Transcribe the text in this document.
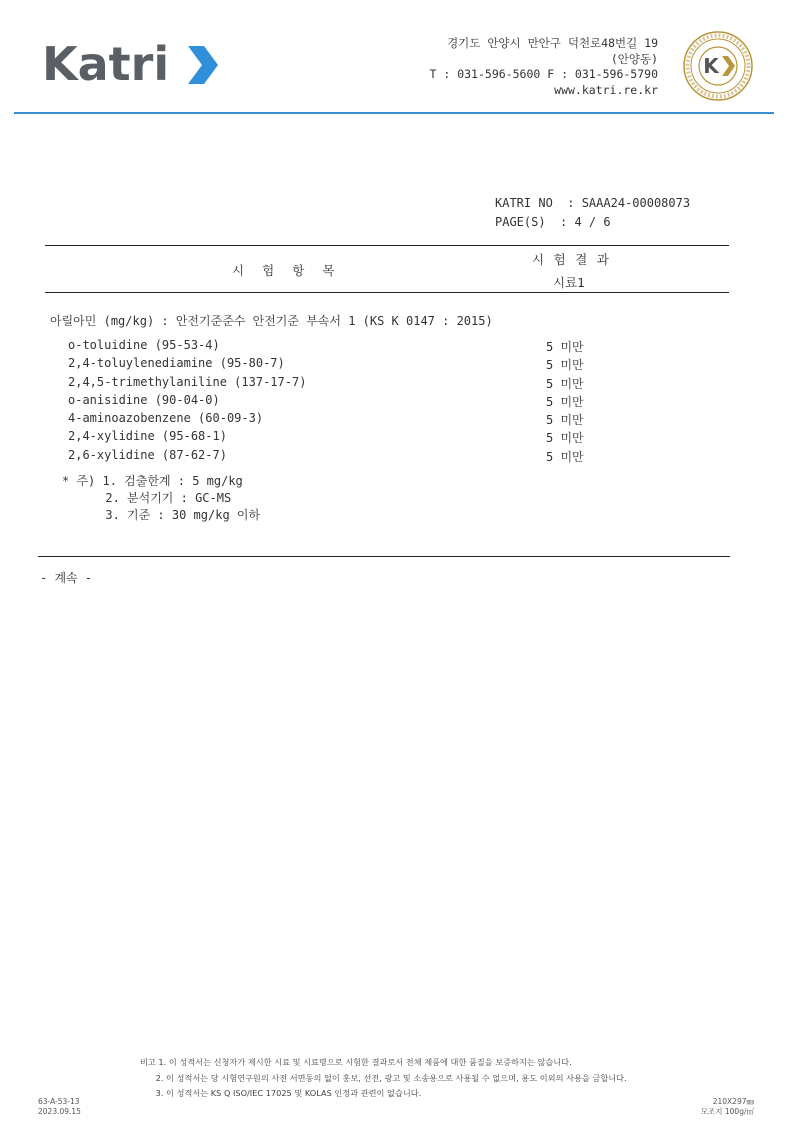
Katri	경기도 안양시 만안구 덕천로48번길 19
(안양동)
T : 031-596-5600 F : 031-596-5790
www.katri.re.kr
K
KATRI NO  : SAAA24-00008073
PAGE(S)  : 4 / 6
시  험  항  목
시 험 결 과
시료1
아릴아민 (mg/kg) : 안전기준준수 안전기준 부속서 1 (KS K 0147 : 2015)
o-toluidine (95-53-4)	5 미만
2,4-toluylenediamine (95-80-7)	5 미만
2,4,5-trimethylaniline (137-17-7)	5 미만
o-anisidine (90-04-0)	5 미만
4-aminoazobenzene (60-09-3)	5 미만
2,4-xylidine (95-68-1)	5 미만
2,6-xylidine (87-62-7)	5 미만
* 주) 1. 검출한계 : 5 mg/kg
2. 분석기기 : GC-MS
3. 기준 : 30 mg/kg 이하
- 계속 -
비고 1. 이 성적서는 신청자가 제시한 시료 및 시료명으로 시험한 결과로서 전체 제품에 대한 품질을 보증하지는 않습니다.
2. 이 성적서는 당 시험연구원의 사전 서면동의 없이 홍보, 선전, 광고 및 소송용으로 사용될 수 없으며, 용도 이외의 사용을 금합니다.
3. 이 성적서는 KS Q ISO/IEC 17025 및 KOLAS 인정과 관련이 없습니다.
63-A-53-13
2023.09.15
210X297㎜
모조지 100g/㎡
